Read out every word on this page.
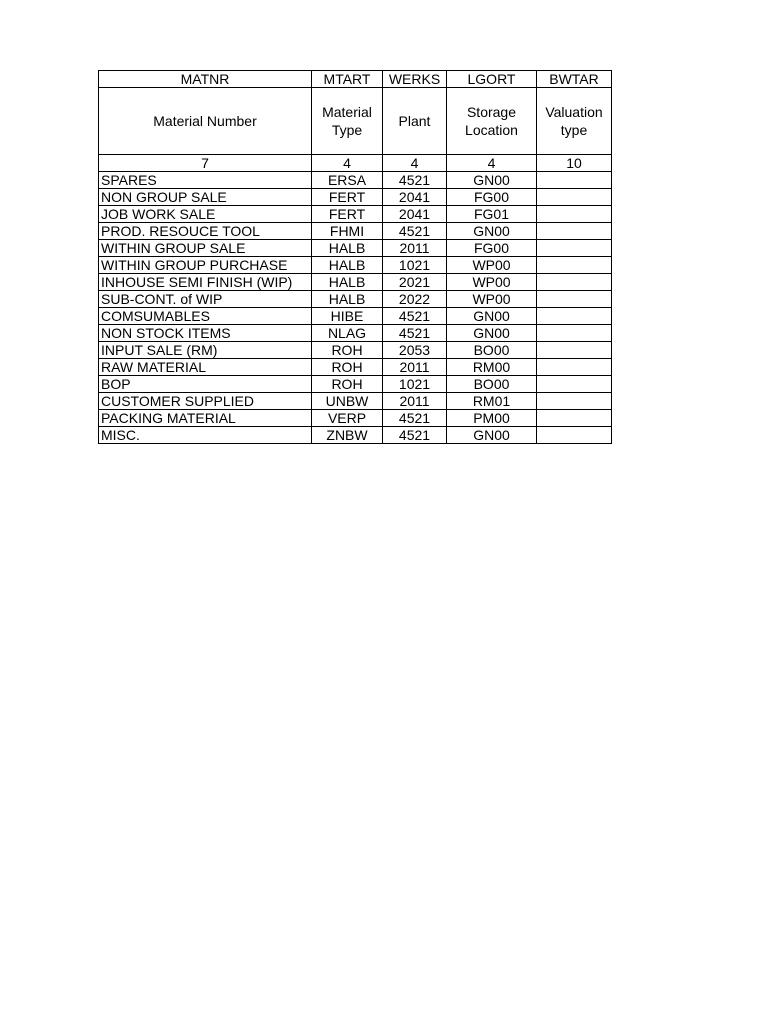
MATNR	MTART	WERKS	LGORT	BWTAR
Material Number	Material Type	Plant	Storage Location	Valuation type
7	4	4	4	10
SPARES	ERSA	4521	GN00	
NON GROUP SALE	FERT	2041	FG00	
JOB WORK SALE	FERT	2041	FG01	
PROD. RESOUCE TOOL	FHMI	4521	GN00	
WITHIN GROUP SALE	HALB	2011	FG00	
WITHIN GROUP PURCHASE	HALB	1021	WP00	
INHOUSE SEMI FINISH (WIP)	HALB	2021	WP00	
SUB-CONT. of WIP	HALB	2022	WP00	
COMSUMABLES	HIBE	4521	GN00	
NON STOCK ITEMS	NLAG	4521	GN00	
INPUT SALE (RM)	ROH	2053	BO00	
RAW MATERIAL	ROH	2011	RM00	
BOP	ROH	1021	BO00	
CUSTOMER SUPPLIED	UNBW	2011	RM01	
PACKING MATERIAL	VERP	4521	PM00	
MISC.	ZNBW	4521	GN00	
